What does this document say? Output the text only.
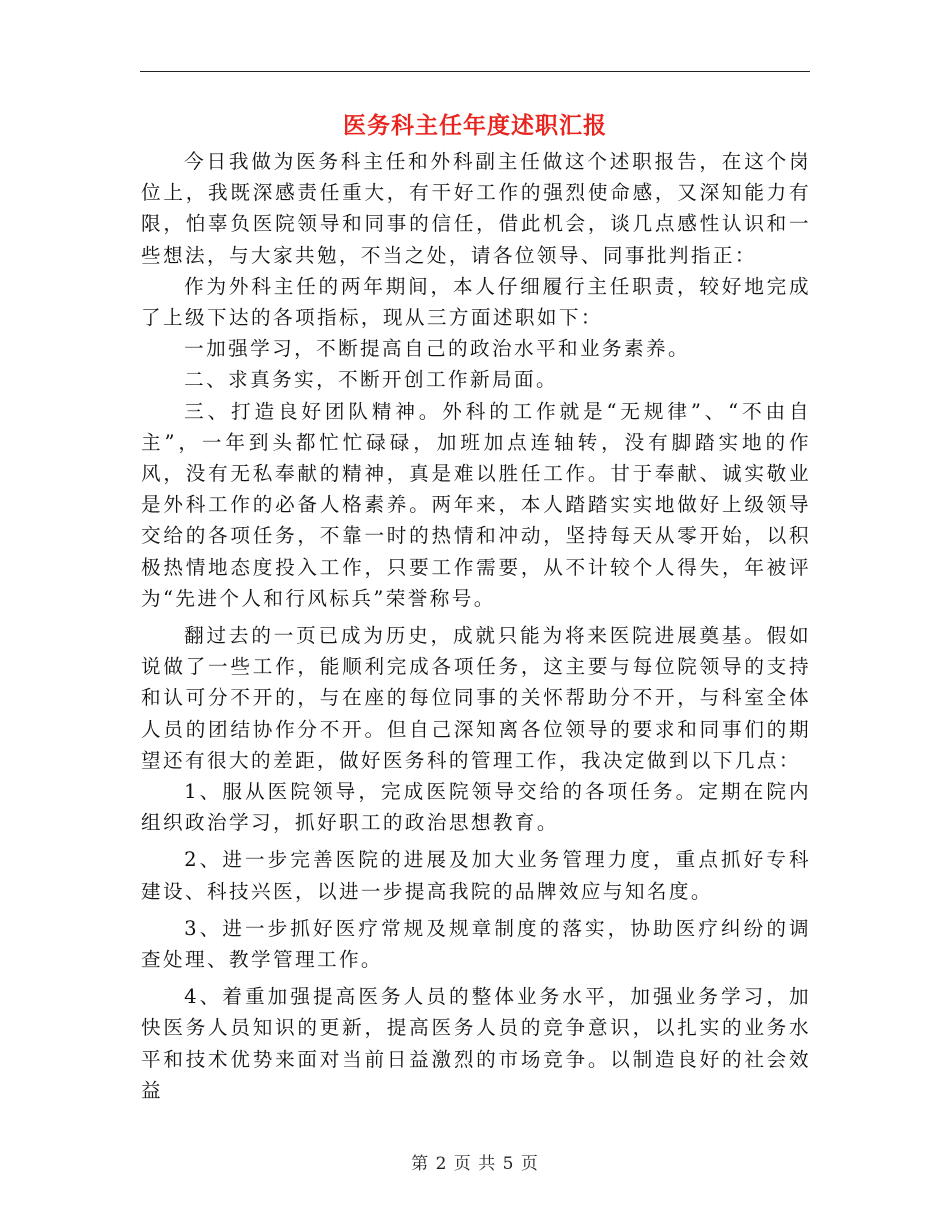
医务科主任年度述职汇报

今日我做为医务科主任和外科副主任做这个述职报告，在这个岗位上，我既深感责任重大，有干好工作的强烈使命感，又深知能力有限，怕辜负医院领导和同事的信任，借此机会，谈几点感性认识和一些想法，与大家共勉，不当之处，请各位领导、同事批判指正：

作为外科主任的两年期间，本人仔细履行主任职责，较好地完成了上级下达的各项指标，现从三方面述职如下：

一加强学习，不断提高自己的政治水平和业务素养。

二、求真务实，不断开创工作新局面。

三、打造良好团队精神。外科的工作就是“无规律”、“不由自主”，一年到头都忙忙碌碌，加班加点连轴转，没有脚踏实地的作风，没有无私奉献的精神，真是难以胜任工作。甘于奉献、诚实敬业是外科工作的必备人格素养。两年来，本人踏踏实实地做好上级领导交给的各项任务，不靠一时的热情和冲动，坚持每天从零开始，以积极热情地态度投入工作，只要工作需要，从不计较个人得失，年被评为“先进个人和行风标兵”荣誉称号。

翻过去的一页已成为历史，成就只能为将来医院进展奠基。假如说做了一些工作，能顺利完成各项任务，这主要与每位院领导的支持和认可分不开的，与在座的每位同事的关怀帮助分不开，与科室全体人员的团结协作分不开。但自己深知离各位领导的要求和同事们的期望还有很大的差距，做好医务科的管理工作，我决定做到以下几点：

1、服从医院领导，完成医院领导交给的各项任务。定期在院内组织政治学习，抓好职工的政治思想教育。

2、进一步完善医院的进展及加大业务管理力度，重点抓好专科建设、科技兴医，以进一步提高我院的品牌效应与知名度。

3、进一步抓好医疗常规及规章制度的落实，协助医疗纠纷的调查处理、教学管理工作。

4、着重加强提高医务人员的整体业务水平，加强业务学习，加快医务人员知识的更新，提高医务人员的竞争意识，以扎实的业务水平和技术优势来面对当前日益激烈的市场竞争。以制造良好的社会效益

第 2 页 共 5 页
